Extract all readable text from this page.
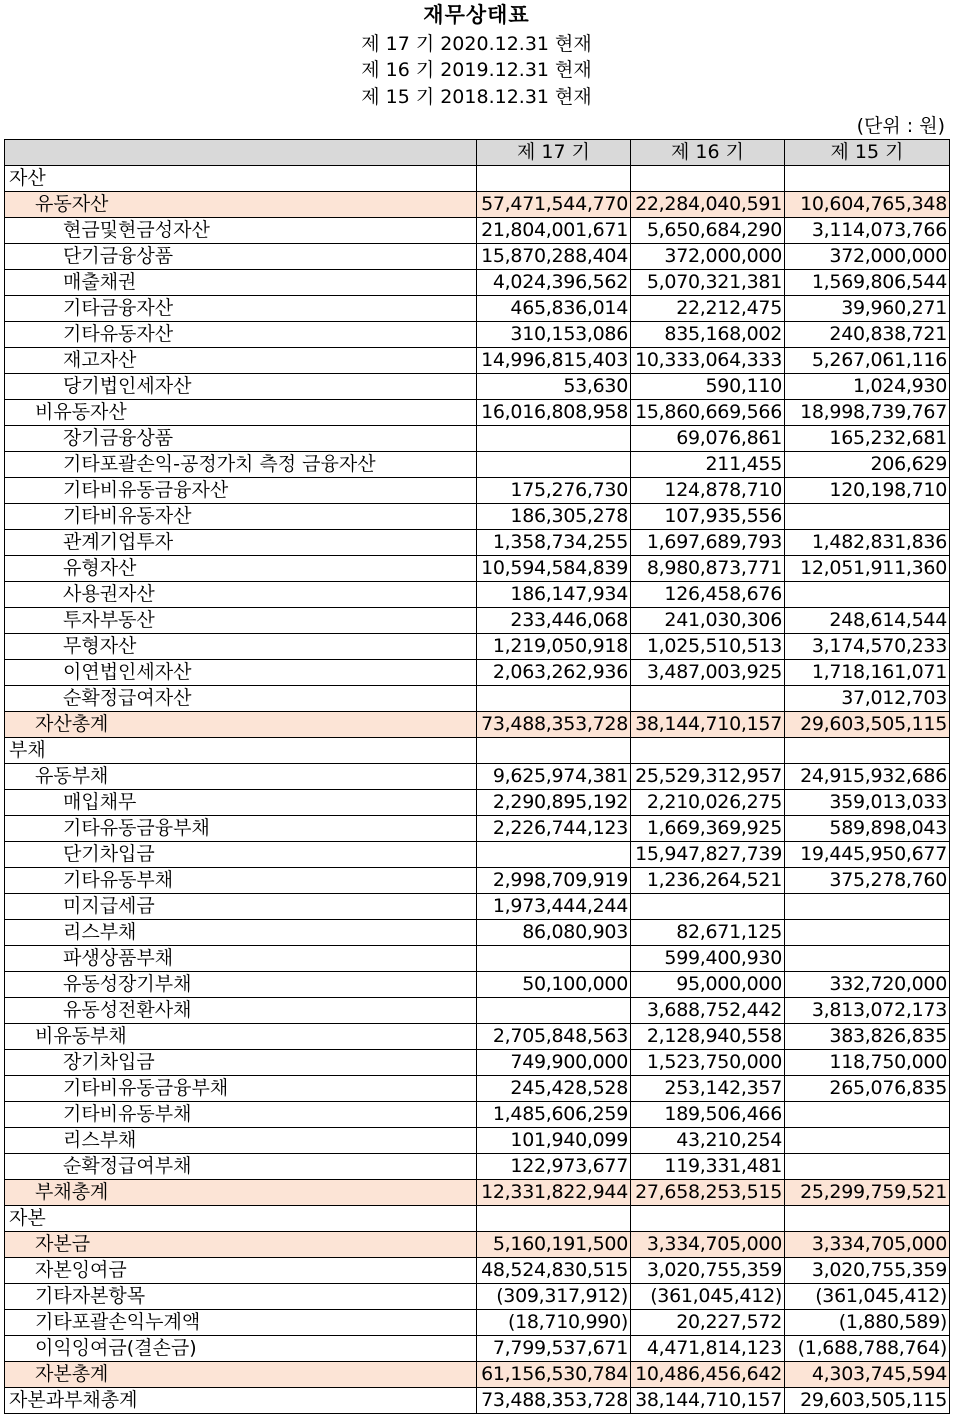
재무상태표
제 17 기 2020.12.31 현재
제 16 기 2019.12.31 현재
제 15 기 2018.12.31 현재
(단위 : 원)
	제 17 기	제 16 기	제 15 기
자산			
유동자산	57,471,544,770	22,284,040,591	10,604,765,348
현금및현금성자산	21,804,001,671	5,650,684,290	3,114,073,766
단기금융상품	15,870,288,404	372,000,000	372,000,000
매출채권	4,024,396,562	5,070,321,381	1,569,806,544
기타금융자산	465,836,014	22,212,475	39,960,271
기타유동자산	310,153,086	835,168,002	240,838,721
재고자산	14,996,815,403	10,333,064,333	5,267,061,116
당기법인세자산	53,630	590,110	1,024,930
비유동자산	16,016,808,958	15,860,669,566	18,998,739,767
장기금융상품		69,076,861	165,232,681
기타포괄손익-공정가치 측정 금융자산		211,455	206,629
기타비유동금융자산	175,276,730	124,878,710	120,198,710
기타비유동자산	186,305,278	107,935,556	
관계기업투자	1,358,734,255	1,697,689,793	1,482,831,836
유형자산	10,594,584,839	8,980,873,771	12,051,911,360
사용권자산	186,147,934	126,458,676	
투자부동산	233,446,068	241,030,306	248,614,544
무형자산	1,219,050,918	1,025,510,513	3,174,570,233
이연법인세자산	2,063,262,936	3,487,003,925	1,718,161,071
순확정급여자산			37,012,703
자산총계	73,488,353,728	38,144,710,157	29,603,505,115
부채			
유동부채	9,625,974,381	25,529,312,957	24,915,932,686
매입채무	2,290,895,192	2,210,026,275	359,013,033
기타유동금융부채	2,226,744,123	1,669,369,925	589,898,043
단기차입금		15,947,827,739	19,445,950,677
기타유동부채	2,998,709,919	1,236,264,521	375,278,760
미지급세금	1,973,444,244		
리스부채	86,080,903	82,671,125	
파생상품부채		599,400,930	
유동성장기부채	50,100,000	95,000,000	332,720,000
유동성전환사채		3,688,752,442	3,813,072,173
비유동부채	2,705,848,563	2,128,940,558	383,826,835
장기차입금	749,900,000	1,523,750,000	118,750,000
기타비유동금융부채	245,428,528	253,142,357	265,076,835
기타비유동부채	1,485,606,259	189,506,466	
리스부채	101,940,099	43,210,254	
순확정급여부채	122,973,677	119,331,481	
부채총계	12,331,822,944	27,658,253,515	25,299,759,521
자본			
자본금	5,160,191,500	3,334,705,000	3,334,705,000
자본잉여금	48,524,830,515	3,020,755,359	3,020,755,359
기타자본항목	(309,317,912)	(361,045,412)	(361,045,412)
기타포괄손익누계액	(18,710,990)	20,227,572	(1,880,589)
이익잉여금(결손금)	7,799,537,671	4,471,814,123	(1,688,788,764)
자본총계	61,156,530,784	10,486,456,642	4,303,745,594
자본과부채총계	73,488,353,728	38,144,710,157	29,603,505,115
